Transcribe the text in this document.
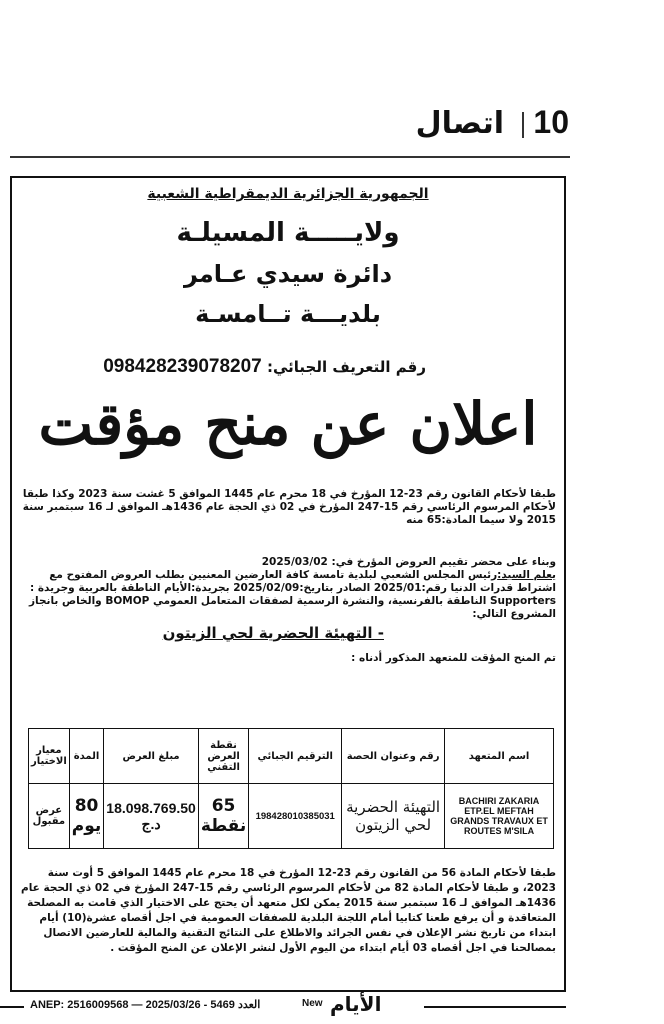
10
اتصال
الجمهورية الجزائرية الديمقراطية الشعبية
ولايـــــة المسيلـة
دائرة سيدي عـامر
بلديـــة تــامسـة
رقم التعريف الجبائي: 098428239078207
اعلان عن منح مؤقت
طبقا لأحكام القانون رقم 23-12 المؤرخ في 18 محرم عام 1445 الموافق 5 غشت سنة 2023 وكذا طبقا لأحكام المرسوم الرئاسي رقم 15-247 المؤرخ في 02 ذي الحجة عام 1436هـ الموافق لـ 16 سبتمبر سنة 2015 ولا سيما المادة:65 منه
وبناء على محضر تقييم العروض المؤرخ في: 2025/03/02
يعلم السيد:رئيس المجلس الشعبي لبلدية تامسة كافة العارضين المعنيين بطلب العروض المفتوح مع اشتراط قدرات الدنيا رقم:2025/01 الصادر بتاريخ:2025/02/09 بجريدة:الأيام الناطقة بالعربية وجريدة : Supporters الناطقة بالفرنسية، والنشرة الرسمية لصفقات المتعامل العمومي BOMOP والخاص بانجاز المشروع التالي:
- التهيئة الحضرية لحي الزيتون
تم المنح المؤقت للمتعهد المذكور أدناه :
اسم المتعهد	رقم وعنوان الحصة	الترقيم الجبائي	نقطة العرض التقني	مبلغ العرض	المدة	معيار الاختيار
BACHIRI ZAKARIA ETP.EL MEFTAH GRANDS TRAVAUX ET ROUTES M'SILA	التهيئة الحضرية لحي الزيتون	198428010385031	65 نقطة	18.098.769.50 د.ج	80 يوم	عرض مقبول
طبقا لأحكام المادة 56 من القانون رقم 23-12 المؤرخ في 18 محرم عام 1445 الموافق 5 أوت سنة 2023، و طبقا لأحكام المادة 82 من لأحكام المرسوم الرئاسي رقم 15-247 المؤرخ في 02 ذي الحجة عام 1436هـ الموافق لـ 16 سبتمبر سنة 2015 يمكن لكل متعهد أن يحتج على الاختيار الذي قامت به المصلحة المتعاقدة و أن يرفع طعنا كتابيا أمام اللجنة البلدية للصفقات العمومية في اجل أقصاه عشرة(10) أيام ابتداء من تاريخ نشر الإعلان في نفس الجرائد والاطلاع على النتائج التقنية والمالية للعارضين الاتصال بمصالحنا في اجل أقصاه 03 أيام ابتداء من اليوم الأول لنشر الإعلان عن المنح المؤقت .
ANEP: 2516009568 — 2025/03/26 - 5469 العدد	New الأيام
